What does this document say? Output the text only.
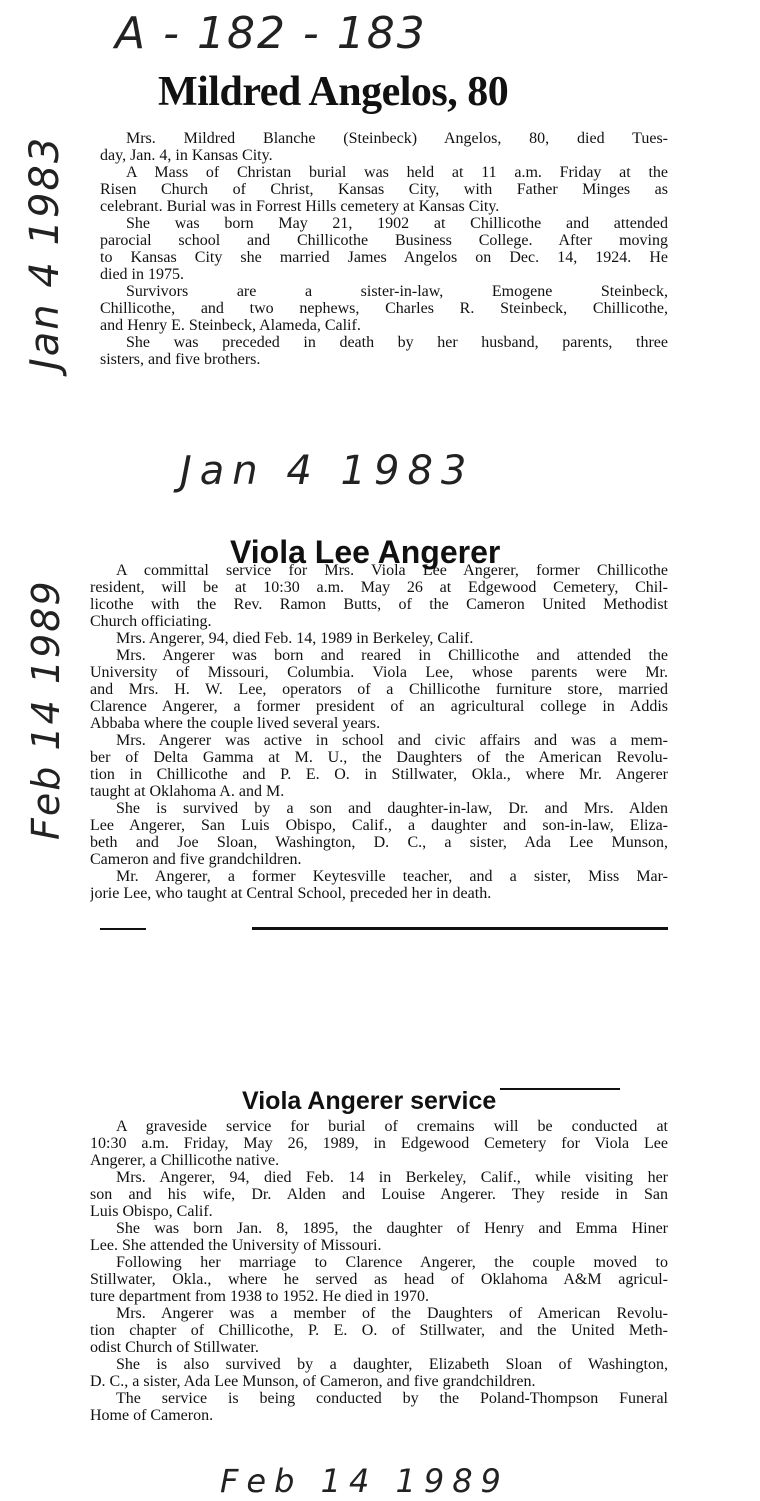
A - 182 - 183
Mildred Angelos, 80
Mrs. Mildred Blanche (Steinbeck) Angelos, 80, died Tues-
day, Jan. 4, in Kansas City.
A Mass of Christan burial was held at 11 a.m. Friday at the
Risen Church of Christ, Kansas City, with Father Minges as
celebrant. Burial was in Forrest Hills cemetery at Kansas City.
She was born May 21, 1902 at Chillicothe and attended
parocial school and Chillicothe Business College. After moving
to Kansas City she married James Angelos on Dec. 14, 1924. He
died in 1975.
Survivors are a sister-in-law, Emogene Steinbeck,
Chillicothe, and two nephews, Charles R. Steinbeck, Chillicothe,
and Henry E. Steinbeck, Alameda, Calif.
She was preceded in death by her husband, parents, three
sisters, and five brothers.
Jan 4 1983
Jan 4 1983
Viola Lee Angerer
A committal service for Mrs. Viola Lee Angerer, former Chillicothe
resident, will be at 10:30 a.m. May 26 at Edgewood Cemetery, Chil-
licothe with the Rev. Ramon Butts, of the Cameron United Methodist
Church officiating.
Mrs. Angerer, 94, died Feb. 14, 1989 in Berkeley, Calif.
Mrs. Angerer was born and reared in Chillicothe and attended the
University of Missouri, Columbia. Viola Lee, whose parents were Mr.
and Mrs. H. W. Lee, operators of a Chillicothe furniture store, married
Clarence Angerer, a former president of an agricultural college in Addis
Abbaba where the couple lived several years.
Mrs. Angerer was active in school and civic affairs and was a mem-
ber of Delta Gamma at M. U., the Daughters of the American Revolu-
tion in Chillicothe and P. E. O. in Stillwater, Okla., where Mr. Angerer
taught at Oklahoma A. and M.
She is survived by a son and daughter-in-law, Dr. and Mrs. Alden
Lee Angerer, San Luis Obispo, Calif., a daughter and son-in-law, Eliza-
beth and Joe Sloan, Washington, D. C., a sister, Ada Lee Munson,
Cameron and five grandchildren.
Mr. Angerer, a former Keytesville teacher, and a sister, Miss Mar-
jorie Lee, who taught at Central School, preceded her in death.
Feb 14 1989
Viola Angerer service
A graveside service for burial of cremains will be conducted at
10:30 a.m. Friday, May 26, 1989, in Edgewood Cemetery for Viola Lee
Angerer, a Chillicothe native.
Mrs. Angerer, 94, died Feb. 14 in Berkeley, Calif., while visiting her
son and his wife, Dr. Alden and Louise Angerer. They reside in San
Luis Obispo, Calif.
She was born Jan. 8, 1895, the daughter of Henry and Emma Hiner
Lee. She attended the University of Missouri.
Following her marriage to Clarence Angerer, the couple moved to
Stillwater, Okla., where he served as head of Oklahoma A&M agricul-
ture department from 1938 to 1952. He died in 1970.
Mrs. Angerer was a member of the Daughters of American Revolu-
tion chapter of Chillicothe, P. E. O. of Stillwater, and the United Meth-
odist Church of Stillwater.
She is also survived by a daughter, Elizabeth Sloan of Washington,
D. C., a sister, Ada Lee Munson, of Cameron, and five grandchildren.
The service is being conducted by the Poland-Thompson Funeral
Home of Cameron.
Feb 14 1989
